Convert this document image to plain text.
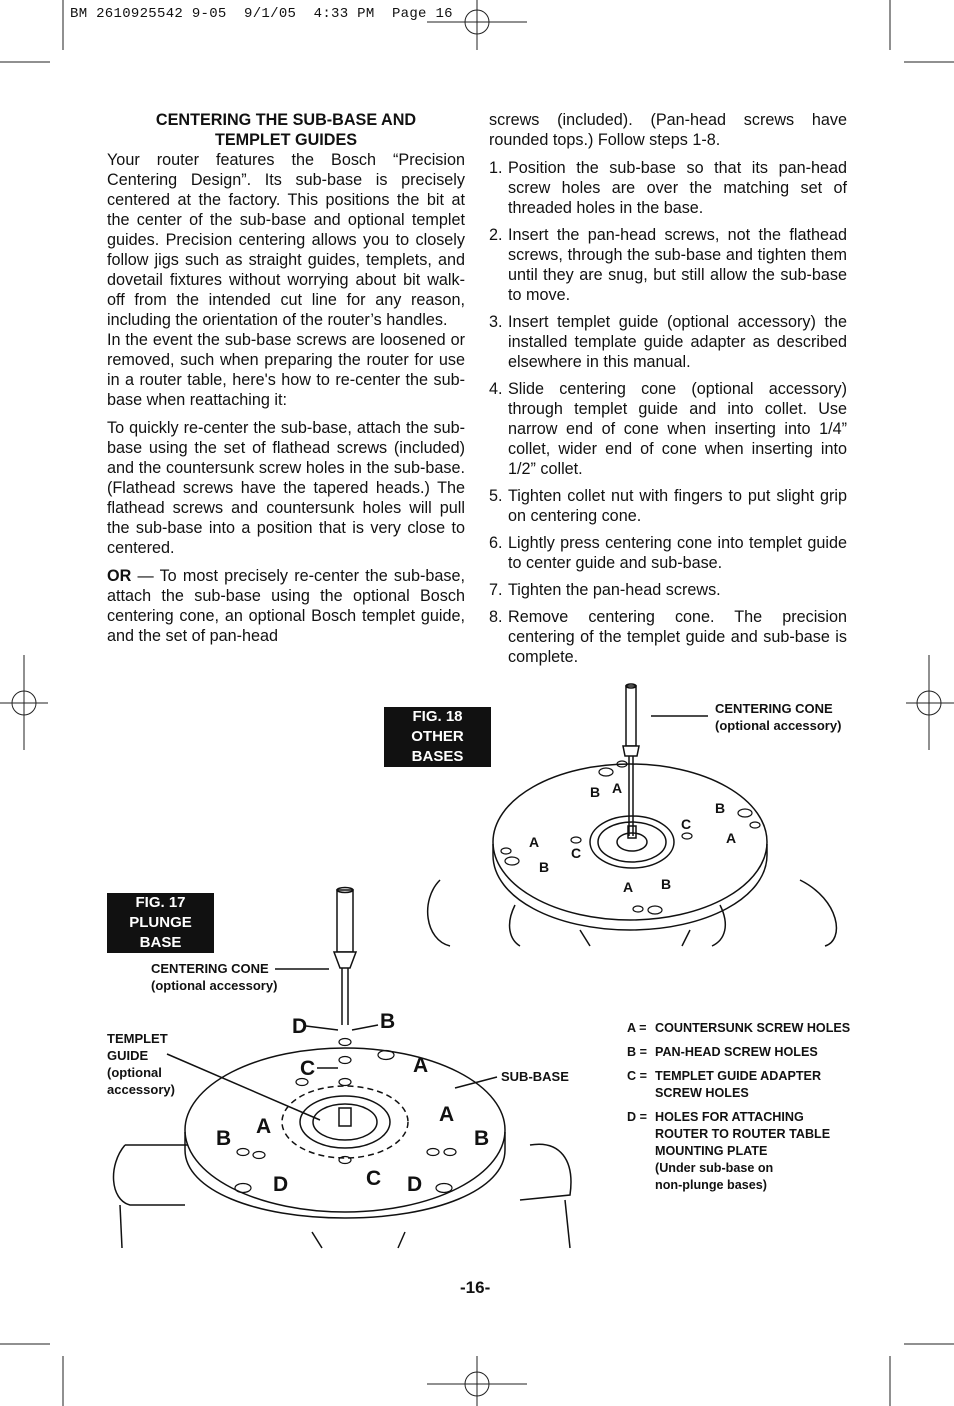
BM 2610925542 9-05  9/1/05  4:33 PM  Page 16

CENTERING THE SUB-BASE AND

TEMPLET GUIDES

Your router features the Bosch “Precision Centering Design”. Its sub-base is precisely centered at the factory. This positions the bit at the center of the sub-base and optional templet guides. Precision centering allows you to closely follow jigs such as straight guides, templets, and dovetail fixtures without worrying about bit walk-off from the intended cut line for any reason, including the orientation of the router’s handles.

In the event the sub-base screws are loosened or removed, such when preparing the router for use in a router table, here's how to re-center the sub-base when reattaching it:

To quickly re-center the sub-base, attach the sub-base using the set of flathead screws (included) and the countersunk screw holes in the sub-base. (Flathead screws have the tapered heads.) The flathead screws and countersunk holes will pull the sub-base into a position that is very close to centered.

OR — To most precisely re-center the sub-base, attach the sub-base using the optional Bosch centering cone, an optional Bosch templet guide, and the set of pan-head

screws (included). (Pan-head screws have rounded tops.) Follow steps 1-8.

1. Position the sub-base so that its pan-head screw holes are over the matching set of threaded holes in the base.
2. Insert the pan-head screws, not the flathead screws, through the sub-base and tighten them until they are snug, but still allow the sub-base to move.
3. Insert templet guide (optional accessory) the installed template guide adapter as described elsewhere in this manual.
4. Slide centering cone (optional accessory) through templet guide and into collet. Use narrow end of cone when inserting into 1/4” collet, wider end of cone when inserting into 1/2” collet.
5. Tighten collet nut with fingers to put slight grip on centering cone.
6. Lightly press centering cone into templet guide to center guide and sub-base.
7. Tighten the pan-head screws.
8. Remove centering cone. The precision centering of the templet guide and sub-base is complete.
FIG. 18
OTHER BASES
CENTERING CONE
(optional accessory)
B A
B
C
A
A
C
B
A B
FIG. 17
PLUNGE BASE
CENTERING CONE
(optional accessory)
TEMPLET
GUIDE
(optional
accessory)
SUB-BASE
D	B
C	A
A
A
B	B
D	C D
A = COUNTERSUNK SCREW HOLES
B = PAN-HEAD SCREW HOLES
C = TEMPLET GUIDE ADAPTER
SCREW HOLES
D = HOLES FOR ATTACHING
ROUTER TO ROUTER TABLE
MOUNTING PLATE
(Under sub-base on
non-plunge bases)
-16-
